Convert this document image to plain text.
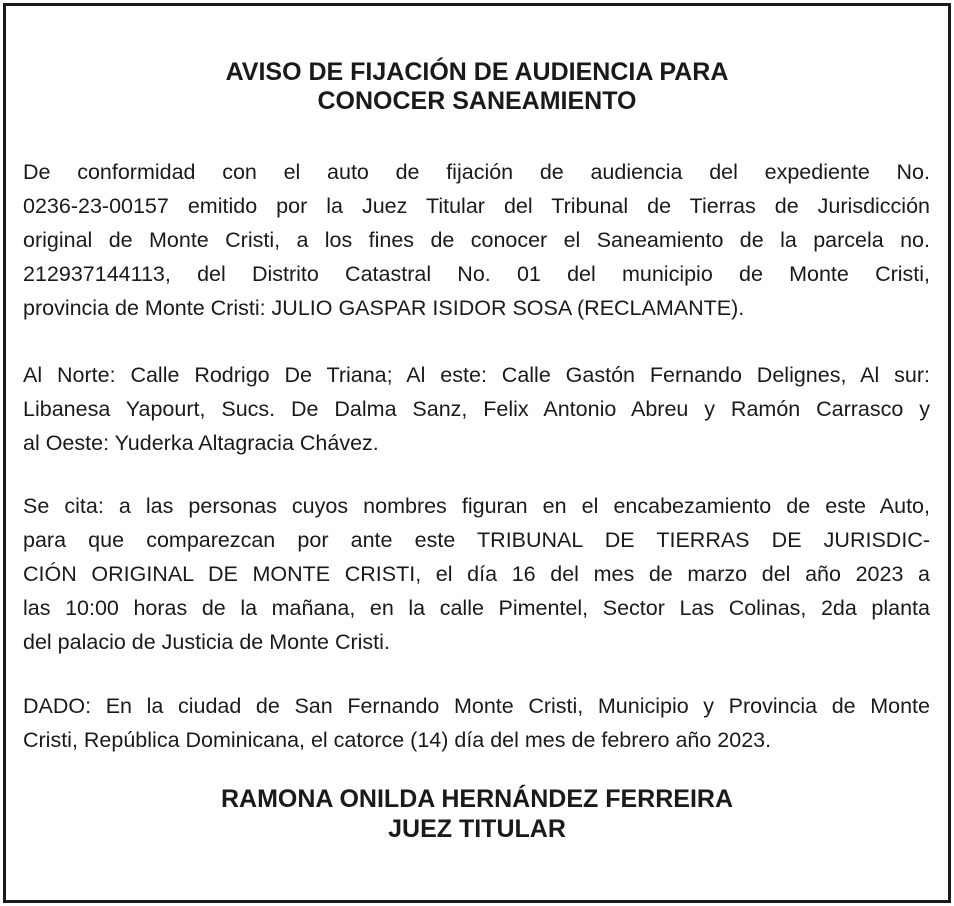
AVISO DE FIJACIÓN DE AUDIENCIA PARA
CONOCER SANEAMIENTO

De conformidad con el auto de fijación de audiencia del expediente No.
0236-23-00157 emitido por la Juez Titular del Tribunal de Tierras de Jurisdicción
original de Monte Cristi, a los fines de conocer el Saneamiento de la parcela no.
212937144113, del Distrito Catastral No. 01 del municipio de Monte Cristi,
provincia de Monte Cristi: JULIO GASPAR ISIDOR SOSA (RECLAMANTE).

Al Norte: Calle Rodrigo De Triana; Al este: Calle Gastón Fernando Delignes, Al sur:
Libanesa Yapourt, Sucs. De Dalma Sanz, Felix Antonio Abreu y Ramón Carrasco y
al Oeste: Yuderka Altagracia Chávez.

Se cita: a las personas cuyos nombres figuran en el encabezamiento de este Auto,
para que comparezcan por ante este TRIBUNAL DE TIERRAS DE JURISDIC-
CIÓN ORIGINAL DE MONTE CRISTI, el día 16 del mes de marzo del año 2023 a
las 10:00 horas de la mañana, en la calle Pimentel, Sector Las Colinas, 2da planta
del palacio de Justicia de Monte Cristi.

DADO: En la ciudad de San Fernando Monte Cristi, Municipio y Provincia de Monte
Cristi, República Dominicana, el catorce (14) día del mes de febrero año 2023.

RAMONA ONILDA HERNÁNDEZ FERREIRA
JUEZ TITULAR
